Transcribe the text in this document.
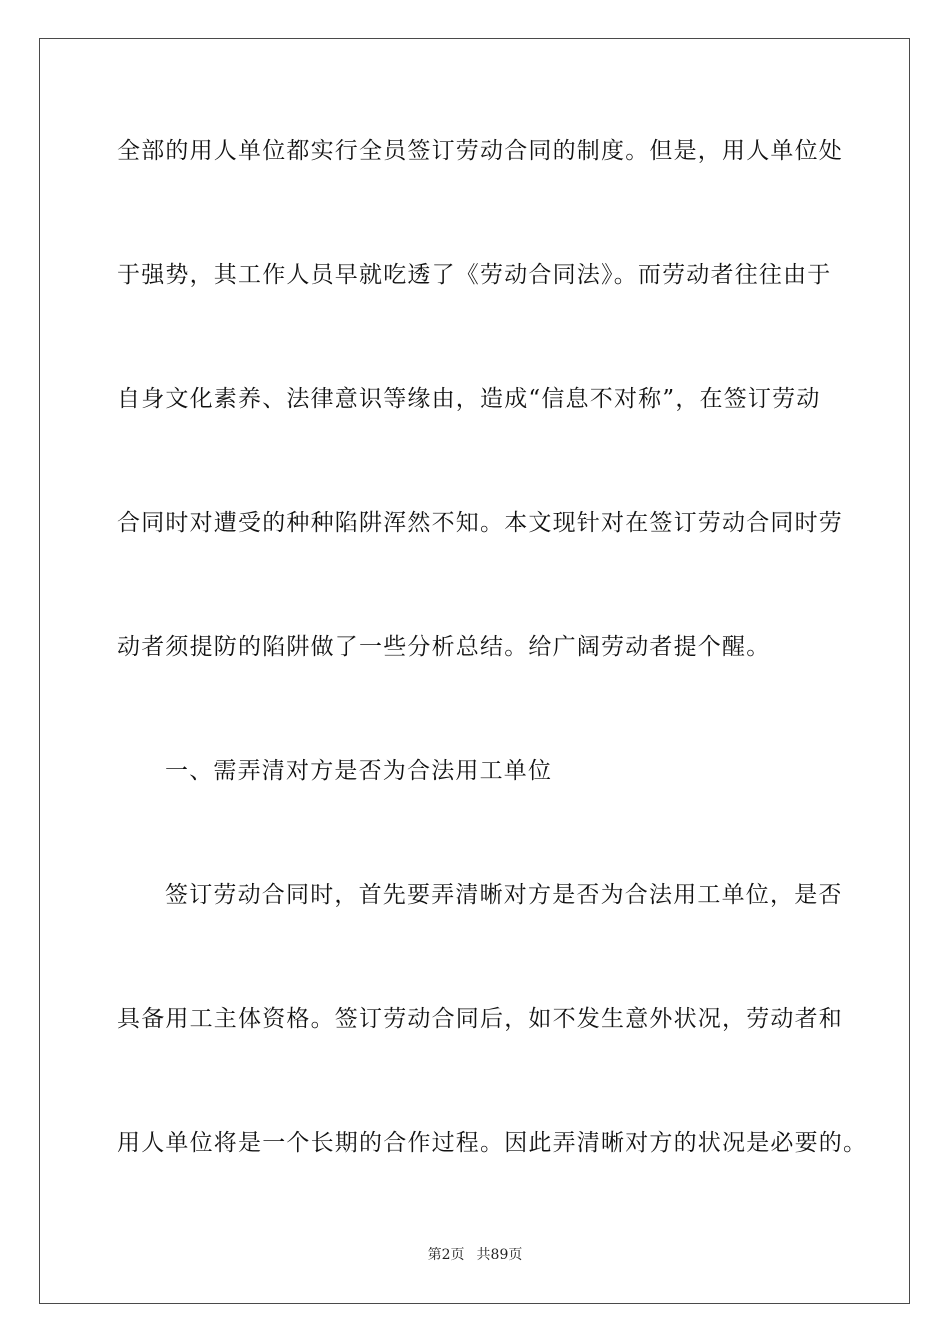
全部的用人单位都实行全员签订劳动合同的制度。但是，用人单位处
于强势，其工作人员早就吃透了《劳动合同法》。而劳动者往往由于
自身文化素养、法律意识等缘由，造成“信息不对称”，在签订劳动
合同时对遭受的种种陷阱浑然不知。本文现针对在签订劳动合同时劳
动者须提防的陷阱做了一些分析总结。给广阔劳动者提个醒。
一、需弄清对方是否为合法用工单位
签订劳动合同时，首先要弄清晰对方是否为合法用工单位，是否
具备用工主体资格。签订劳动合同后，如不发生意外状况，劳动者和
用人单位将是一个长期的合作过程。因此弄清晰对方的状况是必要的。
第2页 共89页
